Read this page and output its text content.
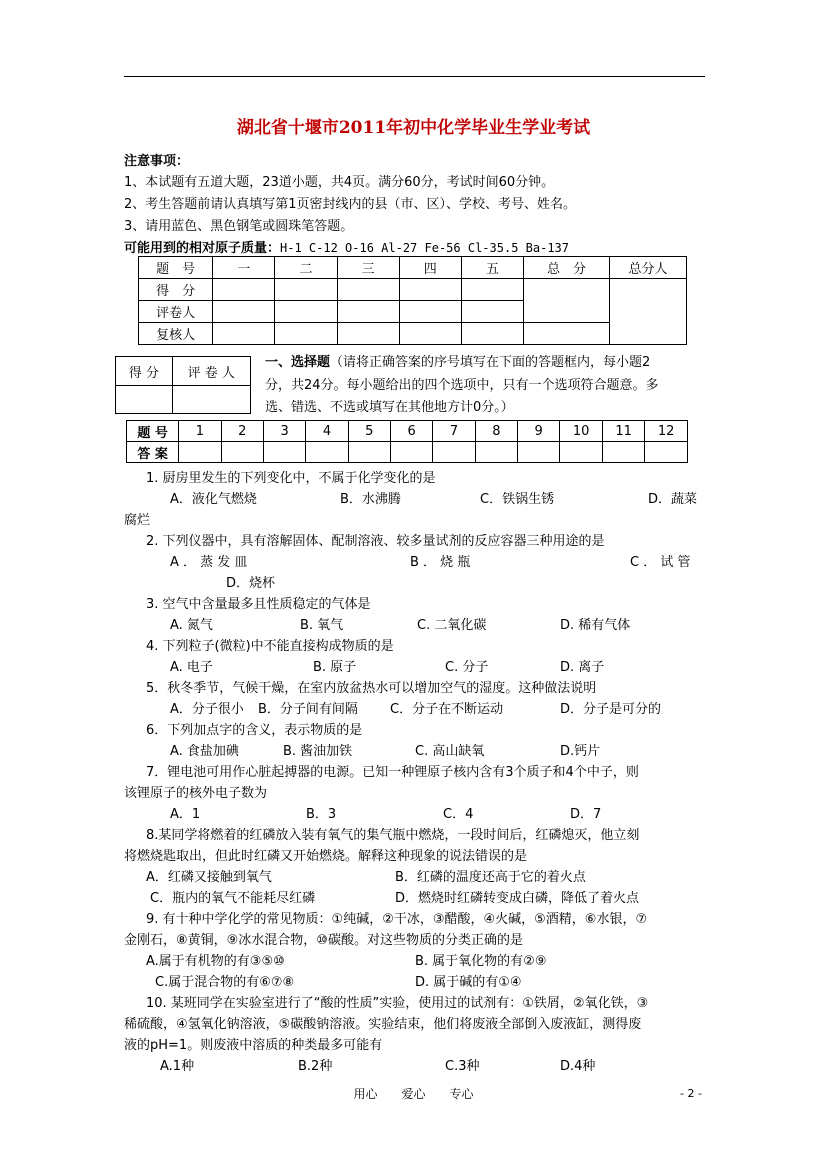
湖北省十堰市2011年初中化学毕业生学业考试
注意事项：
1、本试题有五道大题，23道小题，共4页。满分60分，考试时间60分钟。
2、考生答题前请认真填写第1页密封线内的县（市、区）、学校、考号、姓名。
3、请用蓝色、黑色钢笔或圆珠笔答题。
可能用到的相对原子质量：H-1 C-12 O-16 Al-27 Fe-56 Cl-35.5 Ba-137
题　号	一	二	三	四	五	总　分	总分人
得　分							
评卷人							
复核人							
得 分	评 卷 人

一、选择题（请将正确答案的序号填写在下面的答题框内，每小题2
分，共24分。每小题给出的四个选项中，只有一个选项符合题意。多
选、错选、不选或填写在其他地方计0分。）
题 号	1	2	3	4	5	6	7	8	9	10	11	12
答 案												
1. 厨房里发生的下列变化中，不属于化学变化的是
A．液化气燃烧	B．水沸腾	C．铁锅生锈	D．蔬菜
腐烂
2. 下列仪器中，具有溶解固体、配制溶液、较多量试剂的反应容器三种用途的是
A ． 蒸 发 皿	B ． 烧 瓶	C ． 试 管
D．烧杯
3. 空气中含量最多且性质稳定的气体是
A. 氮气	B. 氧气	C. 二氧化碳	D. 稀有气体
4. 下列粒子(微粒)中不能直接构成物质的是
A. 电子	B. 原子	C. 分子	D. 离子
5．秋冬季节，气候干燥，在室内放盆热水可以增加空气的湿度。这种做法说明
A．分子很小 B．分子间有间隔 C．分子在不断运动	D．分子是可分的
6．下列加点字的含义，表示物质的是
A. 食盐加碘	B. 酱油加铁	C. 高山缺氧	D.钙片
7．锂电池可用作心脏起搏器的电源。已知一种锂原子核内含有3个质子和4个中子，则
该锂原子的核外电子数为
A．1	B．3	C．4	D．7
8.某同学将燃着的红磷放入装有氧气的集气瓶中燃烧，一段时间后，红磷熄灭，他立刻
将燃烧匙取出，但此时红磷又开始燃烧。解释这种现象的说法错误的是
A．红磷又接触到氧气	B．红磷的温度还高于它的着火点
C．瓶内的氧气不能耗尽红磷	D．燃烧时红磷转变成白磷，降低了着火点
9. 有十种中学化学的常见物质：①纯碱，②干冰，③醋酸，④火碱，⑤酒精，⑥水银，⑦
金刚石，⑧黄铜，⑨冰水混合物，⑩碳酸。对这些物质的分类正确的是
A.属于有机物的有③⑤⑩	B. 属于氧化物的有②⑨
C.属于混合物的有⑥⑦⑧	D. 属于碱的有①④
10. 某班同学在实验室进行了“酸的性质”实验，使用过的试剂有：①铁屑，②氧化铁，③
稀硫酸，④氢氧化钠溶液，⑤碳酸钠溶液。实验结束，他们将废液全部倒入废液缸，测得废
液的pH=1。则废液中溶质的种类最多可能有
A.1种	B.2种	C.3种	D.4种
用心　　爱心　　专心	- 2 -
